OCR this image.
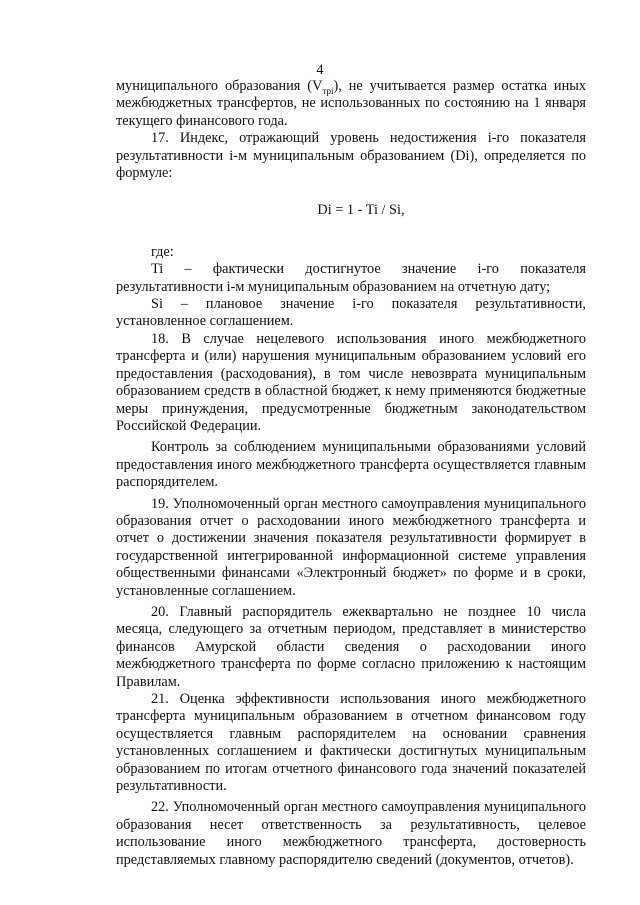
4

муниципального образования $(V_{трi})$, не учитывается размер остатка иных межбюджетных трансфертов, не использованных по состоянию на 1 января текущего финансового года.

17. Индекс, отражающий уровень недостижения i-го показателя результативности i-м муниципальным образованием (Di), определяется по формуле:

Di = 1 - Ti / Si,

где:

Ti – фактически достигнутое значение i-го показателя результативности i-м муниципальным образованием на отчетную дату;

Si – плановое значение i-го показателя результативности, установленное соглашением.

18. В случае нецелевого использования иного межбюджетного трансферта и (или) нарушения муниципальным образованием условий его предоставления (расходования), в том числе невозврата муниципальным образованием средств в областной бюджет, к нему применяются бюджетные меры принуждения, предусмотренные бюджетным законодательством Российской Федерации.

Контроль за соблюдением муниципальными образованиями условий предоставления иного межбюджетного трансферта осуществляется главным распорядителем.

19. Уполномоченный орган местного самоуправления муниципального образования отчет о расходовании иного межбюджетного трансферта и отчет о достижении значения показателя результативности формирует в государственной интегрированной информационной системе управления общественными финансами «Электронный бюджет» по форме и в сроки, установленные соглашением.

20. Главный распорядитель ежеквартально не позднее 10 числа месяца, следующего за отчетным периодом, представляет в министерство финансов Амурской области сведения о расходовании иного межбюджетного трансферта по форме согласно приложению к настоящим Правилам.

21. Оценка эффективности использования иного межбюджетного трансферта муниципальным образованием в отчетном финансовом году осуществляется главным распорядителем на основании сравнения установленных соглашением и фактически достигнутых муниципальным образованием по итогам отчетного финансового года значений показателей результативности.

22. Уполномоченный орган местного самоуправления муниципального образования несет ответственность за результативность, целевое использование иного межбюджетного трансферта, достоверность представляемых главному распорядителю сведений (документов, отчетов).
